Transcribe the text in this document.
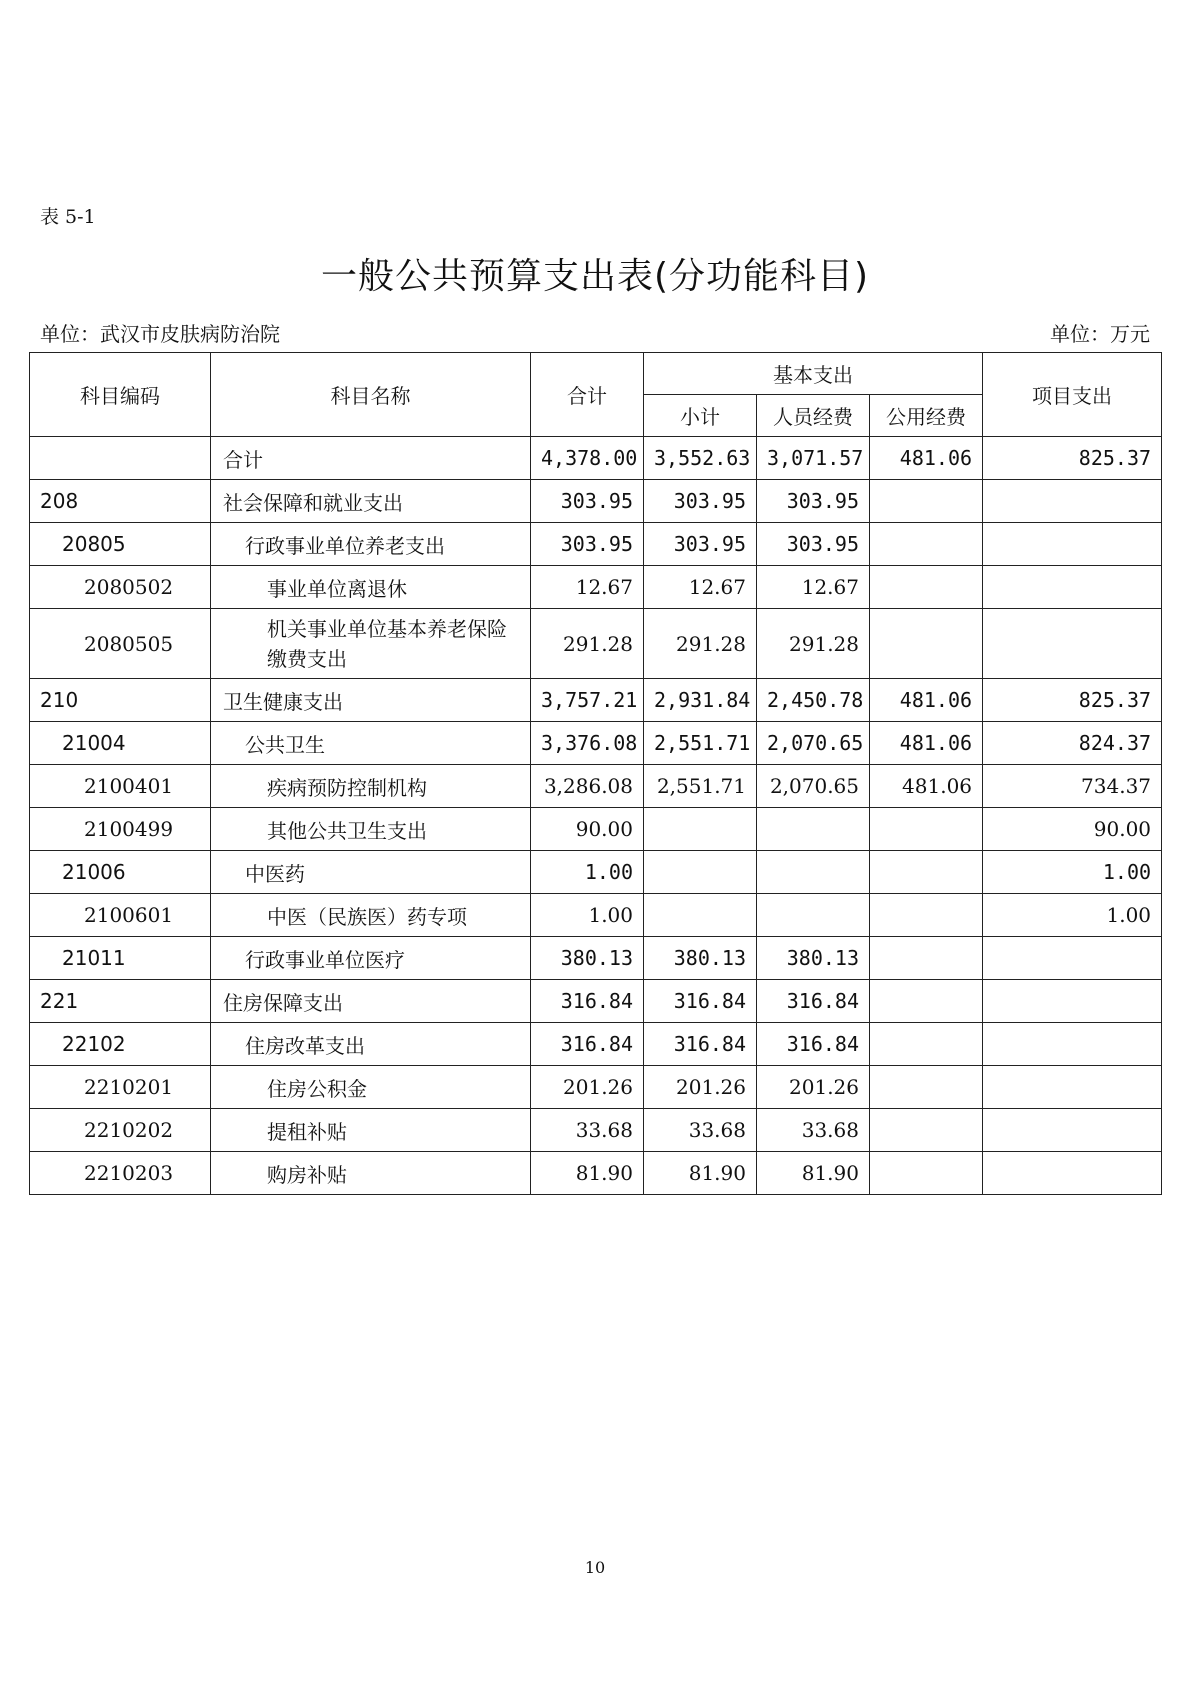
表 5-1
一般公共预算支出表(分功能科目)
单位：武汉市皮肤病防治院	单位：万元
科目编码	科目名称	合计	基本支出			项目支出
			小计	人员经费	公用经费	
	合计	4,378.00	3,552.63	3,071.57	481.06	825.37
208	社会保障和就业支出	303.95	303.95	303.95		
20805	行政事业单位养老支出	303.95	303.95	303.95		
2080502	事业单位离退休	12.67	12.67	12.67		
2080505	机关事业单位基本养老保险缴费支出	291.28	291.28	291.28		
210	卫生健康支出	3,757.21	2,931.84	2,450.78	481.06	825.37
21004	公共卫生	3,376.08	2,551.71	2,070.65	481.06	824.37
2100401	疾病预防控制机构	3,286.08	2,551.71	2,070.65	481.06	734.37
2100499	其他公共卫生支出	90.00				90.00
21006	中医药	1.00				1.00
2100601	中医（民族医）药专项	1.00				1.00
21011	行政事业单位医疗	380.13	380.13	380.13		
221	住房保障支出	316.84	316.84	316.84		
22102	住房改革支出	316.84	316.84	316.84		
2210201	住房公积金	201.26	201.26	201.26		
2210202	提租补贴	33.68	33.68	33.68		
2210203	购房补贴	81.90	81.90	81.90		
10
